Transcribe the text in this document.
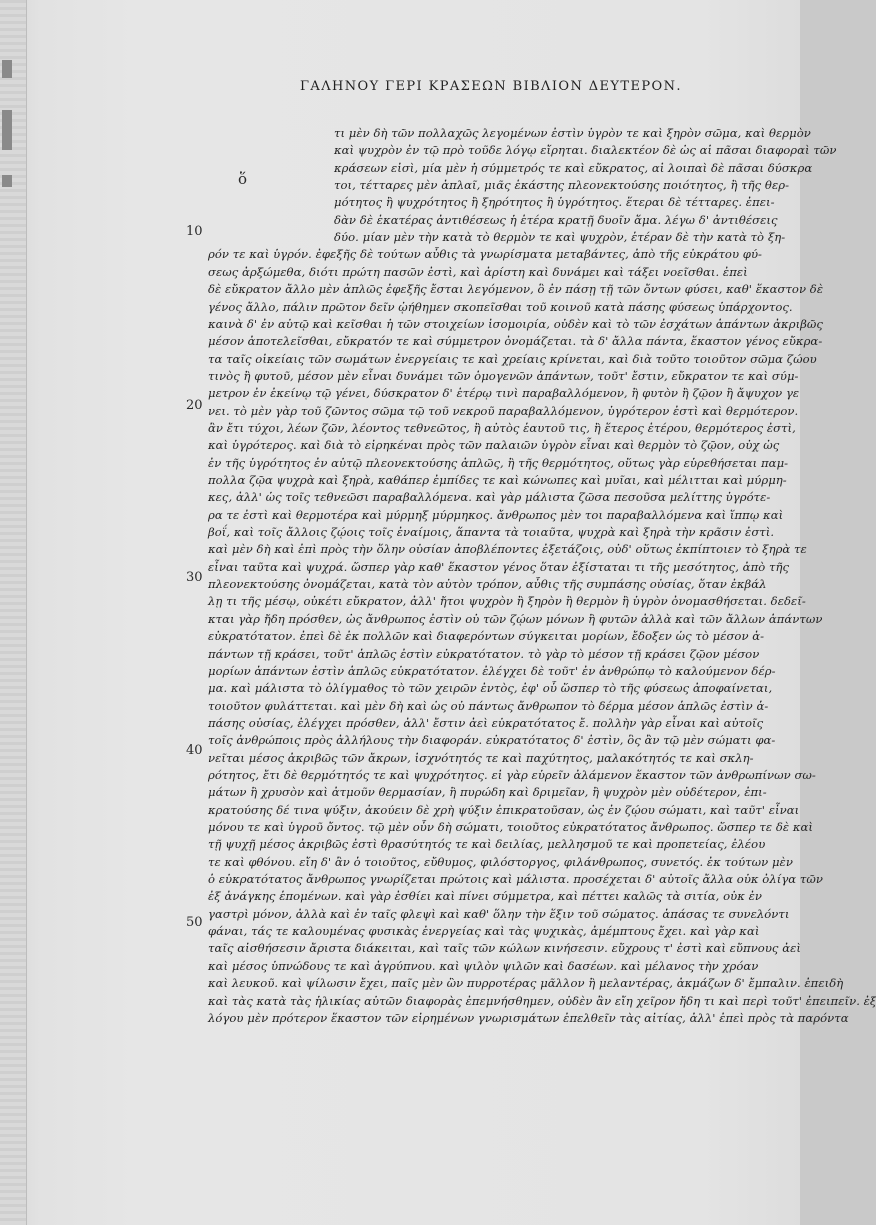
ΓΑΛΗΝΟΥ ΓΕΡΙ ΚΡΑΣΕΩΝ ΒΙΒΛΙΟΝ ΔΕΥΤΕΡΟΝ.
ὅ
10
20
30
40
50
τι μὲν δὴ τῶν πολλαχῶς λεγομένων ἐστὶν ὑγρὸν τε καὶ ξηρὸν σῶμα, καὶ θερμὸν
καὶ ψυχρὸν ἐν τῷ πρὸ τοῦδε λόγῳ εἴρηται. διαλεκτέον δὲ ὡς αἱ πᾶσαι διαφοραὶ τῶν
κράσεων εἰσὶ, μία μὲν ἡ σύμμετρός τε καὶ εὔκρατος, αἱ λοιπαὶ δὲ πᾶσαι δύσκρα
τοι, τέτταρες μὲν ἁπλαῖ, μιᾶς ἑκάστης πλεονεκτούσης ποιότητος, ἢ τῆς θερ-
μότητος ἢ ψυχρότητος ἢ ξηρότητος ἢ ὑγρότητος. ἕτεραι δὲ τέτταρες. ἐπει-
δὰν δὲ ἑκατέρας ἀντιθέσεως ἡ ἑτέρα κρατῇ δυοῖν ἅμα. λέγω δ' ἀντιθέσεις
δύο. μίαν μὲν τὴν κατὰ τὸ θερμὸν τε καὶ ψυχρὸν, ἑτέραν δὲ τὴν κατὰ τὸ ξη-
ρόν τε καὶ ὑγρόν. ἐφεξῆς δὲ τούτων αὖθις τὰ γνωρίσματα μεταβάντες, ἀπὸ τῆς εὐκράτου φύ-
σεως ἀρξώμεθα, διότι πρώτη πασῶν ἐστὶ, καὶ ἀρίστη καὶ δυνάμει καὶ τάξει νοεῖσθαι. ἐπεὶ
δὲ εὔκρατον ἄλλο μὲν ἁπλῶς ἐφεξῆς ἔσται λεγόμενον, ὃ ἐν πάσῃ τῇ τῶν ὄντων φύσει, καθ' ἕκαστον δὲ
γένος ἄλλο, πάλιν πρῶτον δεῖν ᾠήθημεν σκοπεῖσθαι τοῦ κοινοῦ κατὰ πάσης φύσεως ὑπάρχοντος.
καινὰ δ' ἐν αὐτῷ καὶ κεῖσθαι ἡ τῶν στοιχείων ἰσομοιρία, οὐδὲν καὶ τὸ τῶν ἐσχάτων ἁπάντων ἀκριβῶς
μέσον ἀποτελεῖσθαι, εὔκρατόν τε καὶ σύμμετρον ὀνομάζεται. τὰ δ' ἄλλα πάντα, ἕκαστον γένος εὔκρα-
τα ταῖς οἰκείαις τῶν σωμάτων ἐνεργείαις τε καὶ χρείαις κρίνεται, καὶ διὰ τοῦτο τοιοῦτον σῶμα ζώου
τινὸς ἢ φυτοῦ, μέσον μὲν εἶναι δυνάμει τῶν ὁμογενῶν ἁπάντων, τοῦτ' ἔστιν, εὔκρατον τε καὶ σύμ-
μετρον ἐν ἐκείνῳ τῷ γένει, δύσκρατον δ' ἑτέρῳ τινὶ παραβαλλόμενον, ἢ φυτὸν ἢ ζῷον ἢ ἄψυχον γε
νει. τὸ μὲν γὰρ τοῦ ζῶντος σῶμα τῷ τοῦ νεκροῦ παραβαλλόμενον, ὑγρότερον ἐστὶ καὶ θερμότερον.
ἂν ἔτι τύχοι, λέων ζῶν, λέοντος τεθνεῶτος, ἢ αὐτὸς ἑαυτοῦ τις, ἢ ἕτερος ἑτέρου, θερμότερος ἐστὶ,
καὶ ὑγρότερος. καὶ διὰ τὸ εἰρηκέναι πρὸς τῶν παλαιῶν ὑγρὸν εἶναι καὶ θερμὸν τὸ ζῷον, οὐχ ὡς
ἐν τῆς ὑγρότητος ἐν αὐτῷ πλεονεκτούσης ἁπλῶς, ἢ τῆς θερμότητος, οὕτως γὰρ εὑρεθήσεται παμ-
πολλα ζῷα ψυχρὰ καὶ ξηρὰ, καθάπερ ἐμπίδες τε καὶ κώνωπες καὶ μυῖαι, καὶ μέλιτται καὶ μύρμη-
κες, ἀλλ' ὡς τοῖς τεθνεῶσι παραβαλλόμενα. καὶ γὰρ μάλιστα ζῶσα πεσοῦσα μελίττης ὑγρότε-
ρα τε ἐστὶ καὶ θερμοτέρα καὶ μύρμηξ μύρμηκος. ἄνθρωπος μὲν τοι παραβαλλόμενα καὶ ἵππῳ καὶ
βοΐ, καὶ τοῖς ἄλλοις ζῴοις τοῖς ἐναίμοις, ἅπαντα τὰ τοιαῦτα, ψυχρὰ καὶ ξηρὰ τὴν κρᾶσιν ἐστὶ.
καὶ μὲν δὴ καὶ ἐπὶ πρὸς τὴν ὅλην οὐσίαν ἀποβλέποντες ἐξετάζοις, οὐδ' οὕτως ἐκπίπτοιεν τὸ ξηρὰ τε
εἶναι ταῦτα καὶ ψυχρά. ὥσπερ γὰρ καθ' ἕκαστον γένος ὅταν ἐξίσταται τι τῆς μεσότητος, ἀπὸ τῆς
πλεονεκτούσης ὀνομάζεται, κατὰ τὸν αὐτὸν τρόπον, αὖθις τῆς συμπάσης οὐσίας, ὅταν ἐκβάλ
λῃ τι τῆς μέσῳ, οὐκέτι εὔκρατον, ἀλλ' ἤτοι ψυχρὸν ἢ ξηρὸν ἢ θερμὸν ἢ ὑγρὸν ὀνομασθήσεται. δεδεῖ-
κται γὰρ ἤδη πρόσθεν, ὡς ἄνθρωπος ἐστὶν οὐ τῶν ζῴων μόνων ἢ φυτῶν ἀλλὰ καὶ τῶν ἄλλων ἁπάντων
εὐκρατότατον. ἐπεὶ δὲ ἐκ πολλῶν καὶ διαφερόντων σύγκειται μορίων, ἔδοξεν ὡς τὸ μέσον ἁ-
πάντων τῇ κράσει, τοῦτ' ἁπλῶς ἐστὶν εὐκρατότατον. τὸ γὰρ τὸ μέσον τῇ κράσει ζῷον μέσον
μορίων ἁπάντων ἐστὶν ἁπλῶς εὐκρατότατον. ἐλέγχει δὲ τοῦτ' ἐν ἀνθρώπῳ τὸ καλούμενον δέρ-
μα. καὶ μάλιστα τὸ ὀλίγμαθος τὸ τῶν χειρῶν ἐντὸς, ἐφ' οὗ ὥσπερ τὸ τῆς φύσεως ἀποφαίνεται,
τοιοῦτον φυλάττεται. καὶ μὲν δὴ καὶ ὡς οὐ πάντως ἄνθρωπον τὸ δέρμα μέσον ἁπλῶς ἐστὶν ἁ-
πάσης οὐσίας, ἐλέγχει πρόσθεν, ἀλλ' ἔστιν ἀεὶ εὐκρατότατος ἔ. πολλὴν γὰρ εἶναι καὶ αὐτοῖς
τοῖς ἀνθρώποις πρὸς ἀλλήλους τὴν διαφοράν. εὐκρατότατος δ' ἐστὶν, ὃς ἂν τῷ μὲν σώματι φα-
νεῖται μέσος ἀκριβῶς τῶν ἄκρων, ἰσχνότητός τε καὶ παχύτητος, μαλακότητός τε καὶ σκλη-
ρότητος, ἔτι δὲ θερμότητός τε καὶ ψυχρότητος. εἰ γὰρ εὑρεῖν ἀλάμενον ἕκαστον τῶν ἀνθρωπίνων σω-
μάτων ἢ χρυσὸν καὶ ἀτμοῦν θερμασίαν, ἢ πυρώδη καὶ δριμεῖαν, ἢ ψυχρὸν μὲν οὐδέτερον, ἐπι-
κρατούσης δέ τινα ψύξιν, ἀκούειν δὲ χρὴ ψύξιν ἐπικρατοῦσαν, ὡς ἐν ζῴου σώματι, καὶ ταῦτ' εἶναι
μόνου τε καὶ ὑγροῦ ὄντος. τῷ μὲν οὖν δὴ σώματι, τοιοῦτος εὐκρατότατος ἄνθρωπος. ὥσπερ τε δὲ καὶ
τῇ ψυχῇ μέσος ἀκριβῶς ἐστὶ θρασύτητός τε καὶ δειλίας, μελλησμοῦ τε καὶ προπετείας, ἐλέου
τε καὶ φθόνου. εἴη δ' ἂν ὁ τοιοῦτος, εὔθυμος, φιλόστοργος, φιλάνθρωπος, συνετός. ἐκ τούτων μὲν
ὁ εὐκρατότατος ἄνθρωπος γνωρίζεται πρώτοις καὶ μάλιστα. προσέχεται δ' αὐτοῖς ἄλλα οὐκ ὀλίγα τῶν
ἐξ ἀνάγκης ἑπομένων. καὶ γὰρ ἐσθίει καὶ πίνει σύμμετρα, καὶ πέττει καλῶς τὰ σιτία, οὐκ ἐν
γαστρὶ μόνον, ἀλλὰ καὶ ἐν ταῖς φλεψὶ καὶ καθ' ὅλην τὴν ἕξιν τοῦ σώματος. ἁπάσας τε συνελόντι
φάναι, τάς τε καλουμένας φυσικὰς ἐνεργείας καὶ τὰς ψυχικὰς, ἀμέμπτους ἔχει. καὶ γὰρ καὶ
ταῖς αἰσθήσεσιν ἄριστα διάκειται, καὶ ταῖς τῶν κώλων κινήσεσιν. εὔχρους τ' ἐστὶ καὶ εὔπνους ἀεὶ
καὶ μέσος ὑπνώδους τε καὶ ἀγρύπνου. καὶ ψιλὸν ψιλῶν καὶ δασέων. καὶ μέλανος τὴν χρόαν
καὶ λευκοῦ. καὶ ψίλωσιν ἔχει, παῖς μὲν ὢν πυρροτέρας μᾶλλον ἢ μελαντέρας, ἀκμάζων δ' ἔμπαλιν. ἐπειδὴ
καὶ τὰς κατὰ τὰς ἡλικίας αὐτῶν διαφορὰς ἐπεμνήσθημεν, οὐδὲν ἂν εἴη χεῖρον ἤδη τι καὶ περὶ τοῦτ' ἐπειπεῖν. ἐξ
λόγου μὲν πρότερον ἕκαστον τῶν εἰρημένων γνωρισμάτων ἐπελθεῖν τὰς αἰτίας, ἀλλ' ἐπεὶ πρὸς τὰ παρόντα
